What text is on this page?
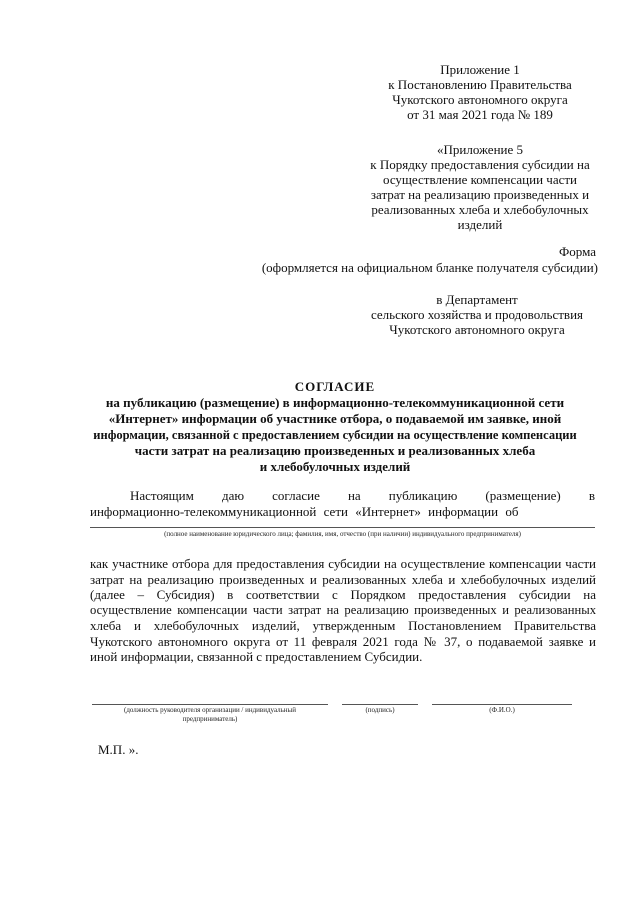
Приложение 1
к Постановлению Правительства
Чукотского автономного округа
от 31 мая 2021 года № 189
«Приложение 5
к Порядку предоставления субсидии на
осуществление компенсации части
затрат на реализацию произведенных и
реализованных хлеба и хлебобулочных
изделий
Форма
(оформляется на официальном бланке получателя субсидии)
в Департамент
сельского хозяйства и продовольствия
Чукотского автономного округа
СОГЛАСИЕ
на публикацию (размещение) в информационно-телекоммуникационной сети
«Интернет» информации об участнике отбора, о подаваемой им заявке, иной
информации, связанной с предоставлением субсидии на осуществление компенсации
части затрат на реализацию произведенных и реализованных хлеба
и хлебобулочных изделий
Настоящим даю согласие на публикацию (размещение) в
информационно-телекоммуникационной сети «Интернет» информации об
(полное наименование юридического лица; фамилия, имя, отчество (при наличии) индивидуального предпринимателя)
как участнике отбора для предоставления субсидии на осуществление компенсации части
затрат на реализацию произведенных и реализованных хлеба и хлебобулочных изделий
(далее – Субсидия) в соответствии с Порядком предоставления субсидии на
осуществление компенсации части затрат на реализацию произведенных и реализованных
хлеба и хлебобулочных изделий, утвержденным Постановлением Правительства
Чукотского автономного округа от 11 февраля 2021 года № 37, о подаваемой заявке и
иной информации, связанной с предоставлением Субсидии.
(должность руководителя организации / индивидуальный
предприниматель)
(подпись)	(Ф.И.О.)
М.П. ».
